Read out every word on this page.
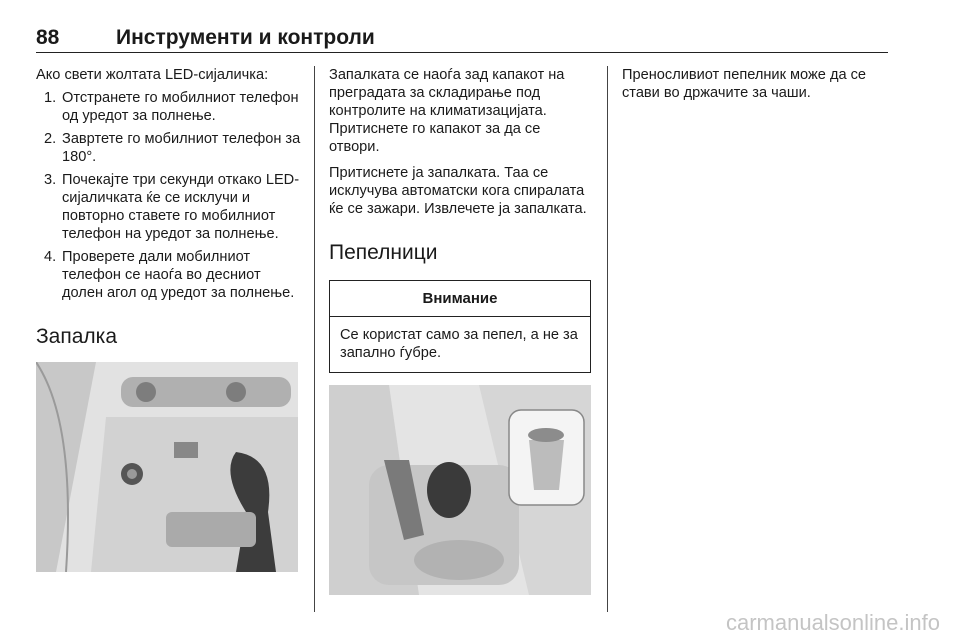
88	Инструменти и контроли

Ако свети жолтата LED-сијаличка:

1. Отстранете го мобилниот телефон од уредот за полнење.
2. Завртете го мобилниот телефон за 180°.
3. Почекајте три секунди откако LED-сијаличката ќе се исклучи и повторно ставете го мобилниот телефон на уредот за полнење.
4. Проверете дали мобилниот телефон се наоѓа во десниот долен агол од уредот за полнење.
Запалка

Запалката се наоѓа зад капакот на преградата за складирање под контролите на климатизацијата. Притиснете го капакот за да се отвори.

Притиснете ја запалката. Таа се исклучува автоматски кога спиралата ќе се зажари. Извлечете ја запалката.

Пепелници
Внимание
Се користат само за пепел, а не за запално ѓубре.

Преносливиот пепелник може да се стави во држачите за чаши.

carmanualsonline.info
